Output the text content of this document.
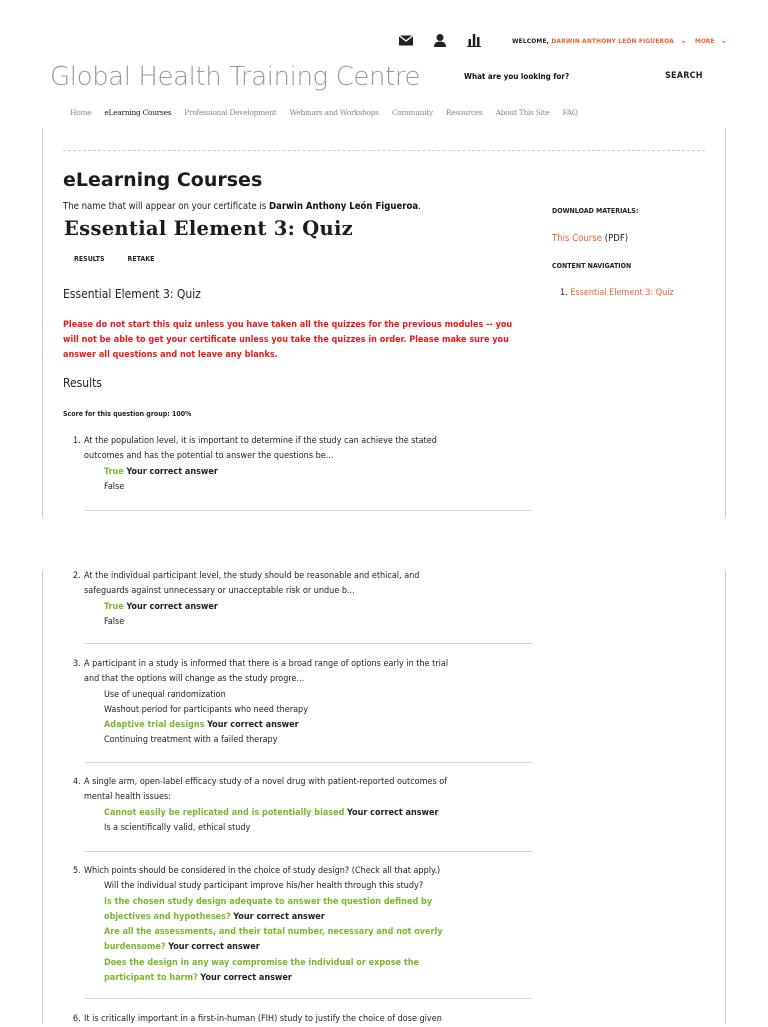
WELCOME, DARWIN ANTHONY LEÓN FIGUEROA ⌄ MORE ⌄
Global Health Training Centre	What are you looking for?	SEARCH
Home eLearning Courses Professional Development Webinars and Workshops Community Resources About This Site FAQ
eLearning Courses
The name that will appear on your certificate is Darwin Anthony León Figueroa.
Essential Element 3: Quiz
RESULTS	RETAKE
Essential Element 3: Quiz
Please do not start this quiz unless you have taken all the quizzes for the previous modules -- you will not be able to get your certificate unless you take the quizzes in order. Please make sure you answer all questions and not leave any blanks.
Results
Score for this question group: 100%
DOWNLOAD MATERIALS:
This Course (PDF)
CONTENT NAVIGATION
1. Essential Element 3: Quiz
1. At the population level, it is important to determine if the study can achieve the stated
outcomes and has the potential to answer the questions be...
True Your correct answer
False
2. At the individual participant level, the study should be reasonable and ethical, and
safeguards against unnecessary or unacceptable risk or undue b...
True Your correct answer
False
3. A participant in a study is informed that there is a broad range of options early in the trial
and that the options will change as the study progre...
Use of unequal randomization
Washout period for participants who need therapy
Adaptive trial designs Your correct answer
Continuing treatment with a failed therapy
4. A single arm, open-label efficacy study of a novel drug with patient-reported outcomes of
mental health issues:
Cannot easily be replicated and is potentially biased Your correct answer
Is a scientifically valid, ethical study
5. Which points should be considered in the choice of study design? (Check all that apply.)
Will the individual study participant improve his/her health through this study?
Is the chosen study design adequate to answer the question defined by
objectives and hypotheses? Your correct answer
Are all the assessments, and their total number, necessary and not overly
burdensome? Your correct answer
Does the design in any way compromise the individual or expose the
participant to harm? Your correct answer
6. It is critically important in a first-in-human (FIH) study to justify the choice of dose given
